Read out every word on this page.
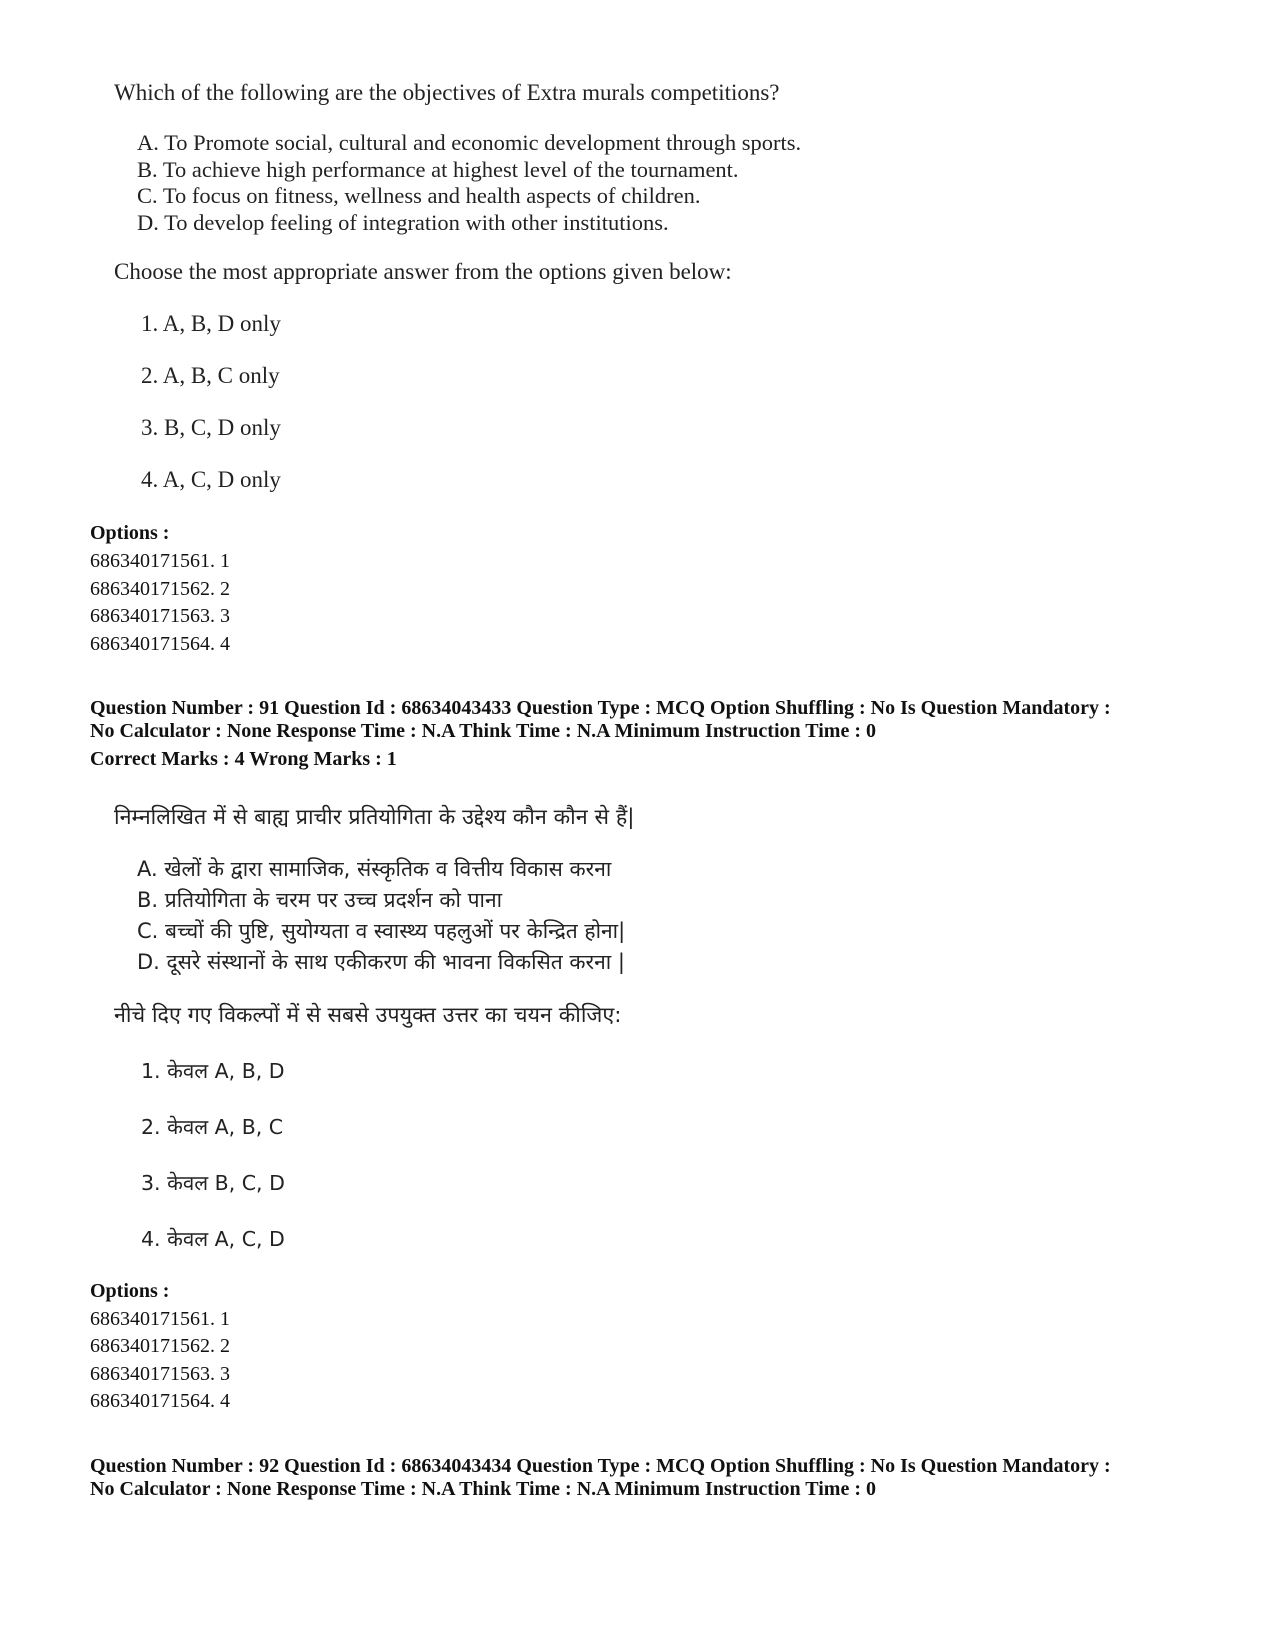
Which of the following are the objectives of Extra murals competitions?
A. To Promote social, cultural and economic development through sports.
B. To achieve high performance at highest level of the tournament.
C. To focus on fitness, wellness and health aspects of children.
D. To develop feeling of integration with other institutions.
Choose the most appropriate answer from the options given below:
1. A, B, D only
2. A, B, C only
3. B, C, D only
4. A, C, D only
Options :
686340171561. 1
686340171562. 2
686340171563. 3
686340171564. 4
Question Number : 91 Question Id : 68634043433 Question Type : MCQ Option Shuffling : No Is Question Mandatory :
No Calculator : None Response Time : N.A Think Time : N.A Minimum Instruction Time : 0
Correct Marks : 4 Wrong Marks : 1
निम्नलिखित में से बाह्य प्राचीर प्रतियोगिता के उद्देश्य कौन कौन से हैं|
A. खेलों के द्वारा सामाजिक, संस्कृतिक व वित्तीय विकास करना
B. प्रतियोगिता के चरम पर उच्च प्रदर्शन को पाना
C. बच्चों की पुष्टि, सुयोग्यता व स्वास्थ्य पहलुओं पर केन्द्रित होना|
D. दूसरे संस्थानों के साथ एकीकरण की भावना विकसित करना |
नीचे दिए गए विकल्पों में से सबसे उपयुक्त उत्तर का चयन कीजिए:
1. केवल A, B, D
2. केवल A, B, C
3. केवल B, C, D
4. केवल A, C, D
Options :
686340171561. 1
686340171562. 2
686340171563. 3
686340171564. 4
Question Number : 92 Question Id : 68634043434 Question Type : MCQ Option Shuffling : No Is Question Mandatory :
No Calculator : None Response Time : N.A Think Time : N.A Minimum Instruction Time : 0
